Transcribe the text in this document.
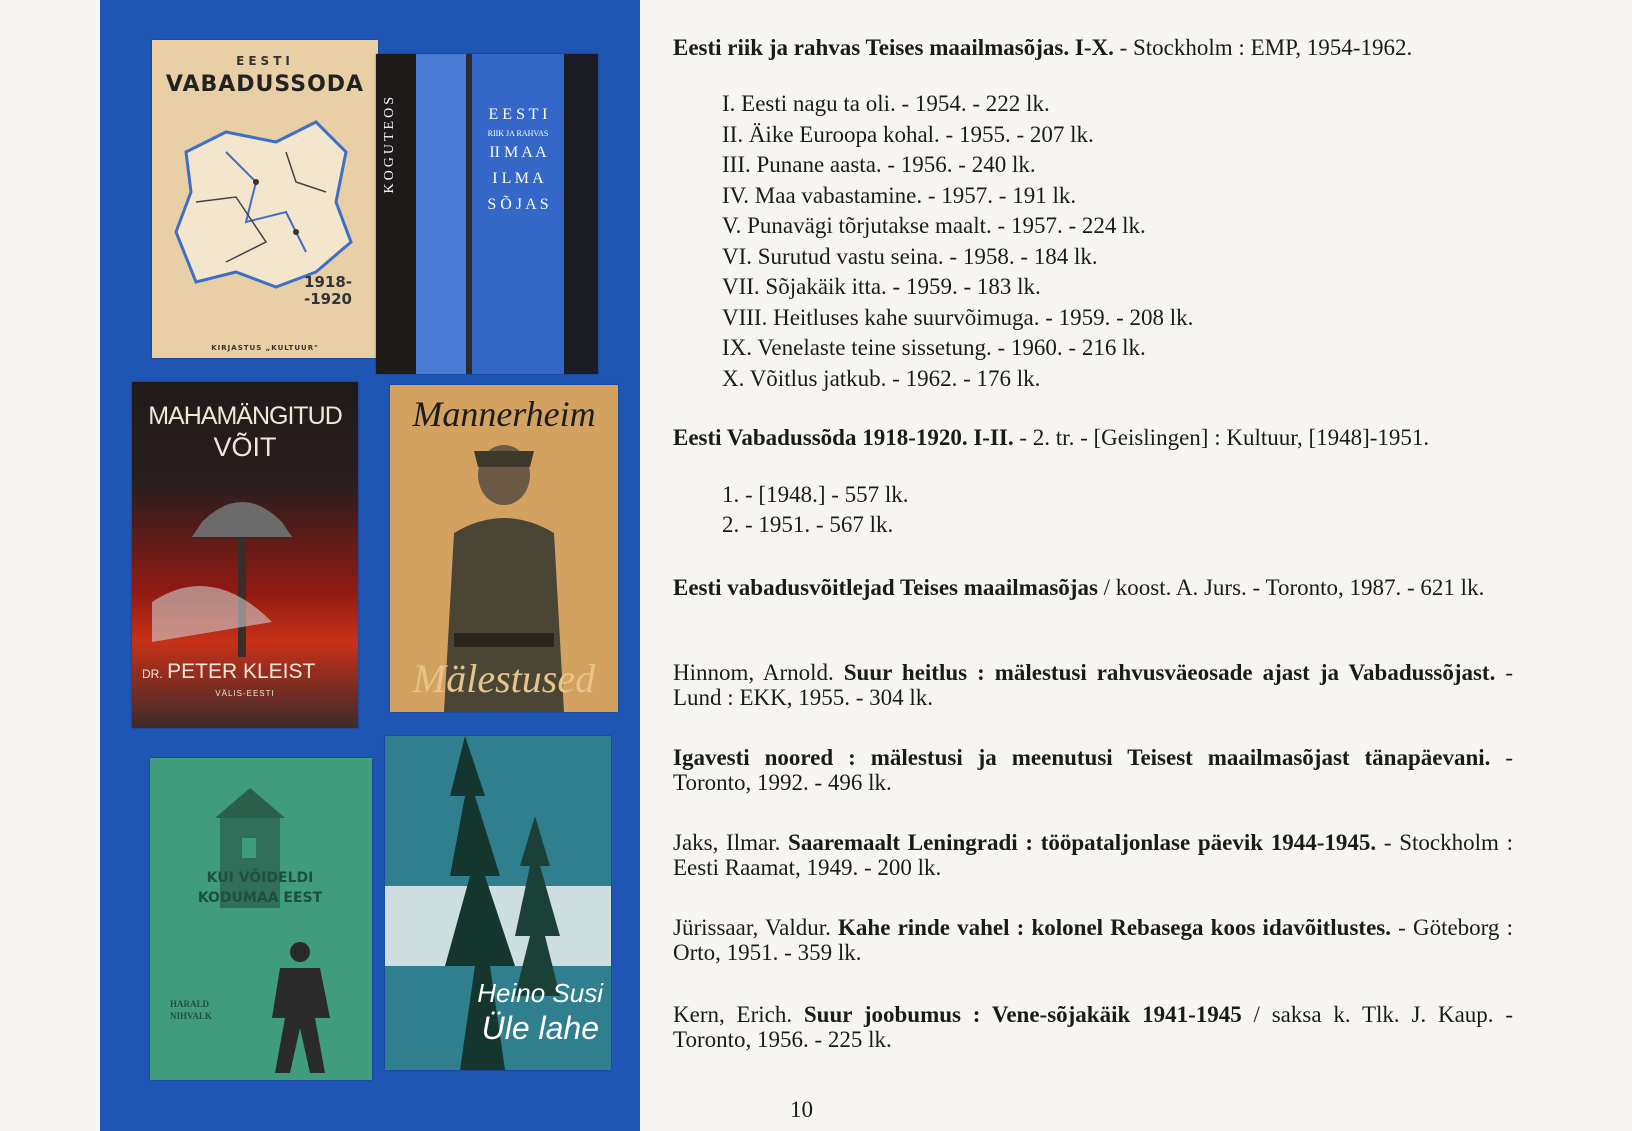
EESTI
VABADUSSODA
1918-
-1920
KIRJASTUS „KULTUUR"
KOGUTEOS	E E S T I
RIIK JA RAHVAS
II M A A
I L M A
S Õ J A S
MAHAMÄNGITUD
VÕIT
DR. PETER KLEIST
VÄLIS-EESTI
Mannerheim
Mälestused
KUI VÕIDELDI KODUMAA EEST
HARALD NIHVALK
Heino Susi
Üle lahe
Eesti riik ja rahvas Teises maailmasõjas. I-X. - Stockholm : EMP, 1954-1962.
I. Eesti nagu ta oli. - 1954. - 222 lk.
II. Äike Euroopa kohal. - 1955. - 207 lk.
III. Punane aasta. - 1956. - 240 lk.
IV. Maa vabastamine. - 1957. - 191 lk.
V. Punavägi tõrjutakse maalt. - 1957. - 224 lk.
VI. Surutud vastu seina. - 1958. - 184 lk.
VII. Sõjakäik itta. - 1959. - 183 lk.
VIII. Heitluses kahe suurvõimuga. - 1959. - 208 lk.
IX. Venelaste teine sissetung. - 1960. - 216 lk.
X. Võitlus jatkub. - 1962. - 176 lk.
Eesti Vabadussõda 1918-1920. I-II. - 2. tr. - [Geislingen] : Kultuur, [1948]-1951.
1. - [1948.] - 557 lk.
2. - 1951. - 567 lk.
Eesti vabadusvõitlejad Teises maailmasõjas / koost. A. Jurs. - Toronto, 1987. - 621 lk.
Hinnom, Arnold. Suur heitlus : mälestusi rahvusväeosade ajast ja Vabadussõjast. - Lund : EKK, 1955. - 304 lk.
Igavesti noored : mälestusi ja meenutusi Teisest maailmasõjast tänapäevani. - Toronto, 1992. - 496 lk.
Jaks, Ilmar. Saaremaalt Leningradi : tööpataljonlase päevik 1944-1945. - Stockholm : Eesti Raamat, 1949. - 200 lk.
Jürissaar, Valdur. Kahe rinde vahel : kolonel Rebasega koos idavõitlustes. - Göteborg : Orto, 1951. - 359 lk.
Kern, Erich. Suur joobumus : Vene-sõjakäik 1941-1945 / saksa k. Tlk. J. Kaup. - Toronto, 1956. - 225 lk.
10
